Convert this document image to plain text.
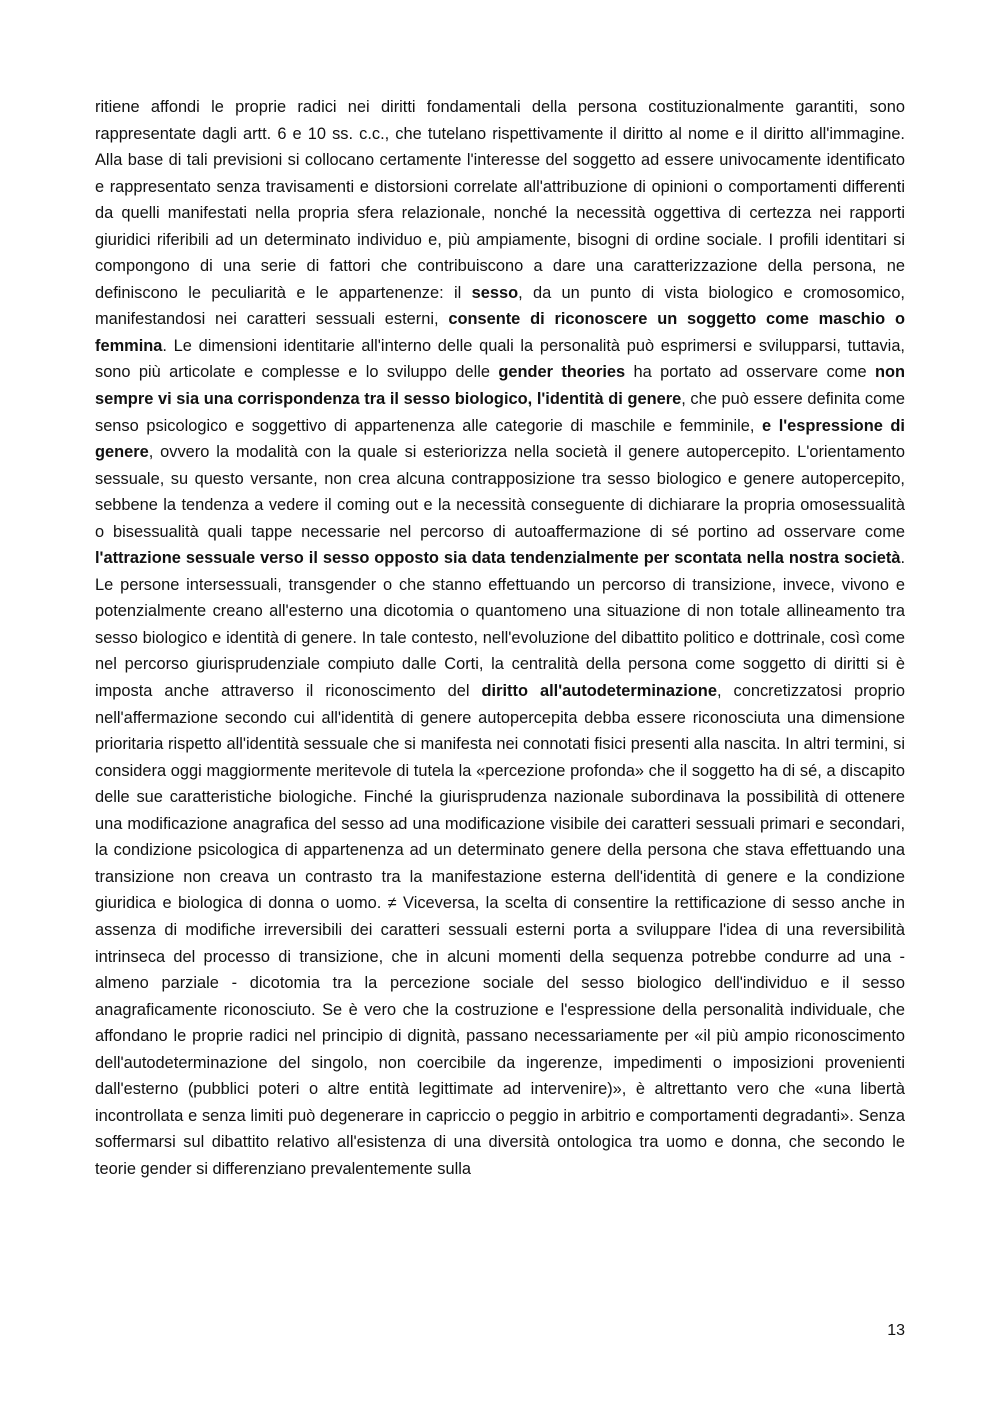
ritiene affondi le proprie radici nei diritti fondamentali della persona costituzionalmente garantiti, sono rappresentate dagli artt. 6 e 10 ss. c.c., che tutelano rispettivamente il diritto al nome e il diritto all'immagine. Alla base di tali previsioni si collocano certamente l'interesse del soggetto ad essere univocamente identificato e rappresentato senza travisamenti e distorsioni correlate all'attribuzione di opinioni o comportamenti differenti da quelli manifestati nella propria sfera relazionale, nonché la necessità oggettiva di certezza nei rapporti giuridici riferibili ad un determinato individuo e, più ampiamente, bisogni di ordine sociale. I profili identitari si compongono di una serie di fattori che contribuiscono a dare una caratterizzazione della persona, ne definiscono le peculiarità e le appartenenze: il sesso, da un punto di vista biologico e cromosomico, manifestandosi nei caratteri sessuali esterni, consente di riconoscere un soggetto come maschio o femmina. Le dimensioni identitarie all'interno delle quali la personalità può esprimersi e svilupparsi, tuttavia, sono più articolate e complesse e lo sviluppo delle gender theories ha portato ad osservare come non sempre vi sia una corrispondenza tra il sesso biologico, l'identità di genere, che può essere definita come senso psicologico e soggettivo di appartenenza alle categorie di maschile e femminile, e l'espressione di genere, ovvero la modalità con la quale si esteriorizza nella società il genere autopercepito. L'orientamento sessuale, su questo versante, non crea alcuna contrapposizione tra sesso biologico e genere autopercepito, sebbene la tendenza a vedere il coming out e la necessità conseguente di dichiarare la propria omosessualità o bisessualità quali tappe necessarie nel percorso di autoaffermazione di sé portino ad osservare come l'attrazione sessuale verso il sesso opposto sia data tendenzialmente per scontata nella nostra società. Le persone intersessuali, transgender o che stanno effettuando un percorso di transizione, invece, vivono e potenzialmente creano all'esterno una dicotomia o quantomeno una situazione di non totale allineamento tra sesso biologico e identità di genere. In tale contesto, nell'evoluzione del dibattito politico e dottrinale, così come nel percorso giurisprudenziale compiuto dalle Corti, la centralità della persona come soggetto di diritti si è imposta anche attraverso il riconoscimento del diritto all'autodeterminazione, concretizzatosi proprio nell'affermazione secondo cui all'identità di genere autopercepita debba essere riconosciuta una dimensione prioritaria rispetto all'identità sessuale che si manifesta nei connotati fisici presenti alla nascita. In altri termini, si considera oggi maggiormente meritevole di tutela la «percezione profonda» che il soggetto ha di sé, a discapito delle sue caratteristiche biologiche. Finché la giurisprudenza nazionale subordinava la possibilità di ottenere una modificazione anagrafica del sesso ad una modificazione visibile dei caratteri sessuali primari e secondari, la condizione psicologica di appartenenza ad un determinato genere della persona che stava effettuando una transizione non creava un contrasto tra la manifestazione esterna dell'identità di genere e la condizione giuridica e biologica di donna o uomo. ≠ Viceversa, la scelta di consentire la rettificazione di sesso anche in assenza di modifiche irreversibili dei caratteri sessuali esterni porta a sviluppare l'idea di una reversibilità intrinseca del processo di transizione, che in alcuni momenti della sequenza potrebbe condurre ad una - almeno parziale - dicotomia tra la percezione sociale del sesso biologico dell'individuo e il sesso anagraficamente riconosciuto. Se è vero che la costruzione e l'espressione della personalità individuale, che affondano le proprie radici nel principio di dignità, passano necessariamente per «il più ampio riconoscimento dell'autodeterminazione del singolo, non coercibile da ingerenze, impedimenti o imposizioni provenienti dall'esterno (pubblici poteri o altre entità legittimate ad intervenire)», è altrettanto vero che «una libertà incontrollata e senza limiti può degenerare in capriccio o peggio in arbitrio e comportamenti degradanti». Senza soffermarsi sul dibattito relativo all'esistenza di una diversità ontologica tra uomo e donna, che secondo le teorie gender si differenziano prevalentemente sulla

13
